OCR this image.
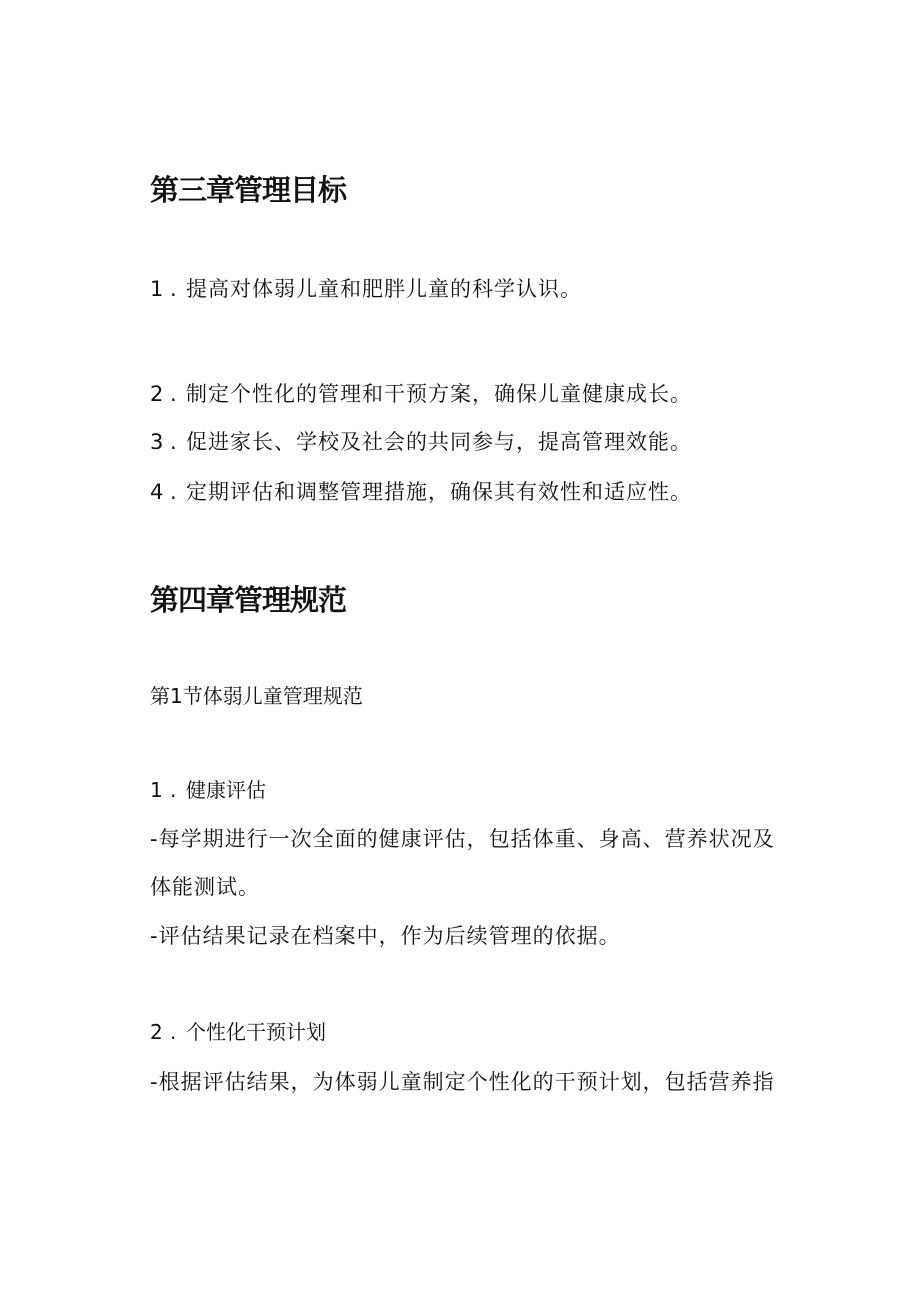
第三章管理目标

1 . 提高对体弱儿童和肥胖儿童的科学认识。

2 . 制定个性化的管理和干预方案，确保儿童健康成长。

3 . 促进家长、学校及社会的共同参与，提高管理效能。

4 . 定期评估和调整管理措施，确保其有效性和适应性。

第四章管理规范

第1节体弱儿童管理规范

1 . 健康评估

-每学期进行一次全面的健康评估，包括体重、身高、营养状况及

体能测试。

-评估结果记录在档案中，作为后续管理的依据。

2 . 个性化干预计划

-根据评估结果，为体弱儿童制定个性化的干预计划，包括营养指
